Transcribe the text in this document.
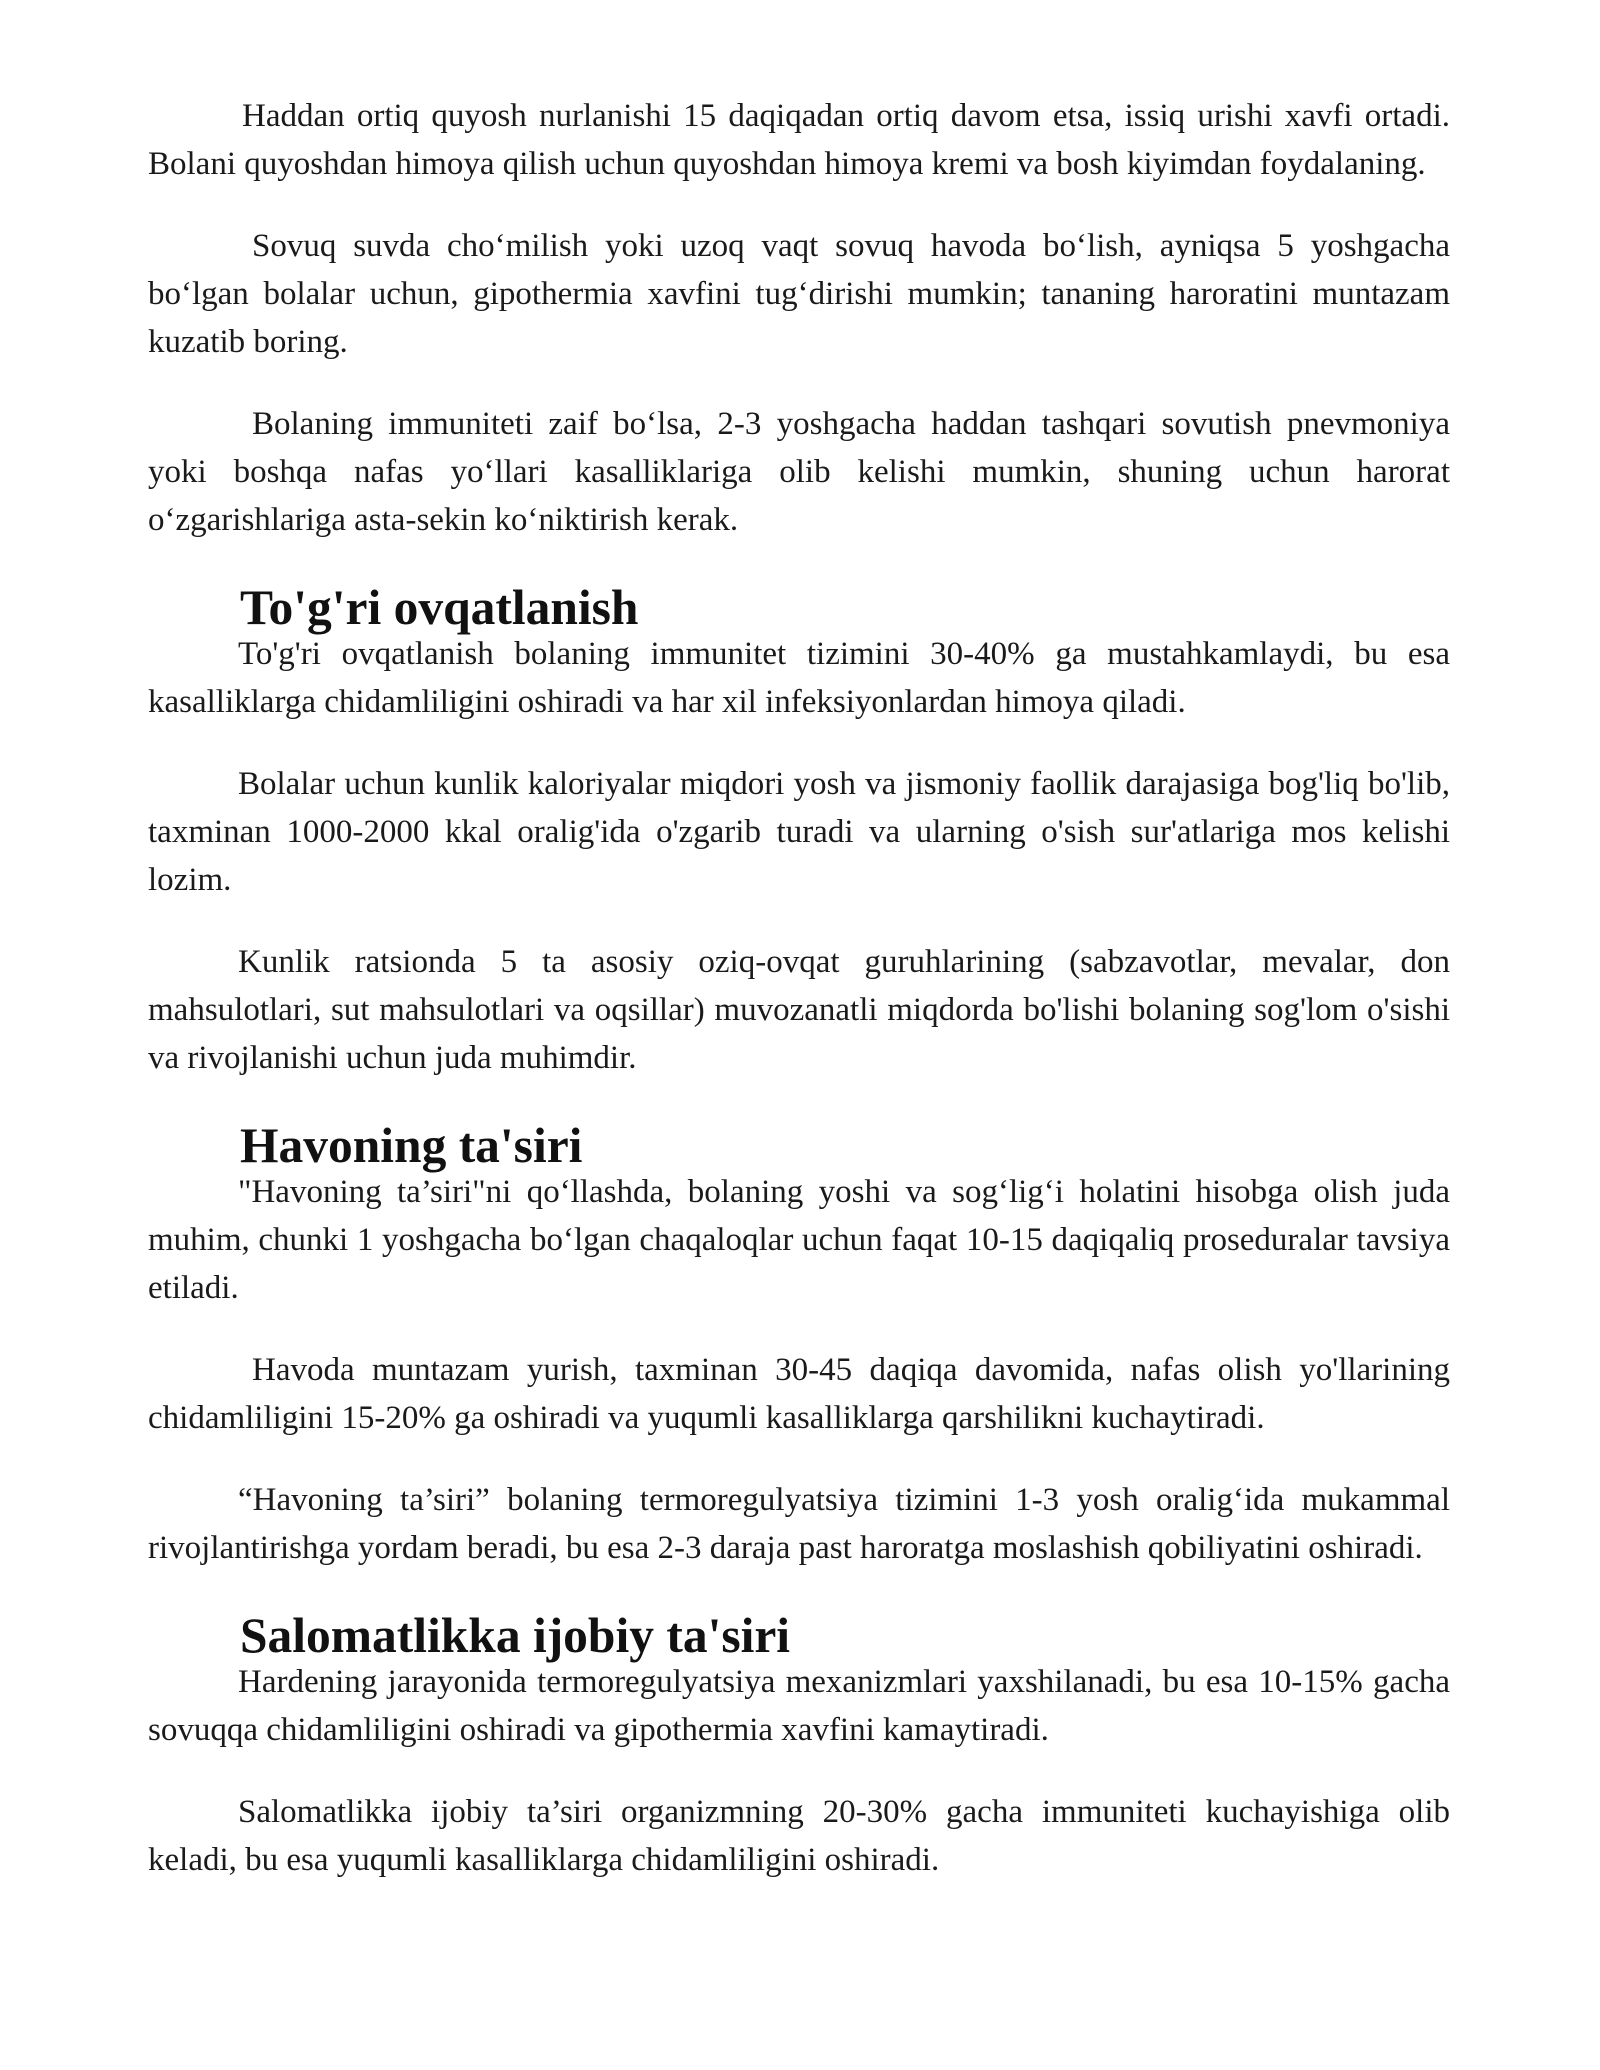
Haddan ortiq quyosh nurlanishi 15 daqiqadan ortiq davom etsa, issiq urishi xavfi ortadi. Bolani quyoshdan himoya qilish uchun quyoshdan himoya kremi va bosh kiyimdan foydalaning.

Sovuq suvda cho‘milish yoki uzoq vaqt sovuq havoda bo‘lish, ayniqsa 5 yoshgacha bo‘lgan bolalar uchun, gipothermia xavfini tug‘dirishi mumkin; tananing haroratini muntazam kuzatib boring.

Bolaning immuniteti zaif bo‘lsa, 2-3 yoshgacha haddan tashqari sovutish pnevmoniya yoki boshqa nafas yo‘llari kasalliklariga olib kelishi mumkin, shuning uchun harorat o‘zgarishlariga asta-sekin ko‘niktirish kerak.

To'g'ri ovqatlanish

To'g'ri ovqatlanish bolaning immunitet tizimini 30-40% ga mustahkamlaydi, bu esa kasalliklarga chidamliligini oshiradi va har xil infeksiyonlardan himoya qiladi.

Bolalar uchun kunlik kaloriyalar miqdori yosh va jismoniy faollik darajasiga bog'liq bo'lib, taxminan 1000-2000 kkal oralig'ida o'zgarib turadi va ularning o'sish sur'atlariga mos kelishi lozim.

Kunlik ratsionda 5 ta asosiy oziq-ovqat guruhlarining (sabzavotlar, mevalar, don mahsulotlari, sut mahsulotlari va oqsillar) muvozanatli miqdorda bo'lishi bolaning sog'lom o'sishi va rivojlanishi uchun juda muhimdir.

Havoning ta'siri

"Havoning ta’siri"ni qo‘llashda, bolaning yoshi va sog‘lig‘i holatini hisobga olish juda muhim, chunki 1 yoshgacha bo‘lgan chaqaloqlar uchun faqat 10-15 daqiqaliq proseduralar tavsiya etiladi.

Havoda muntazam yurish, taxminan 30-45 daqiqa davomida, nafas olish yo'llarining chidamliligini 15-20% ga oshiradi va yuqumli kasalliklarga qarshilikni kuchaytiradi.

“Havoning ta’siri” bolaning termoregulyatsiya tizimini 1-3 yosh oralig‘ida mukammal rivojlantirishga yordam beradi, bu esa 2-3 daraja past haroratga moslashish qobiliyatini oshiradi.

Salomatlikka ijobiy ta'siri

Hardening jarayonida termoregulyatsiya mexanizmlari yaxshilanadi, bu esa 10-15% gacha sovuqqa chidamliligini oshiradi va gipothermia xavfini kamaytiradi.

Salomatlikka ijobiy ta’siri organizmning 20-30% gacha immuniteti kuchayishiga olib keladi, bu esa yuqumli kasalliklarga chidamliligini oshiradi.
